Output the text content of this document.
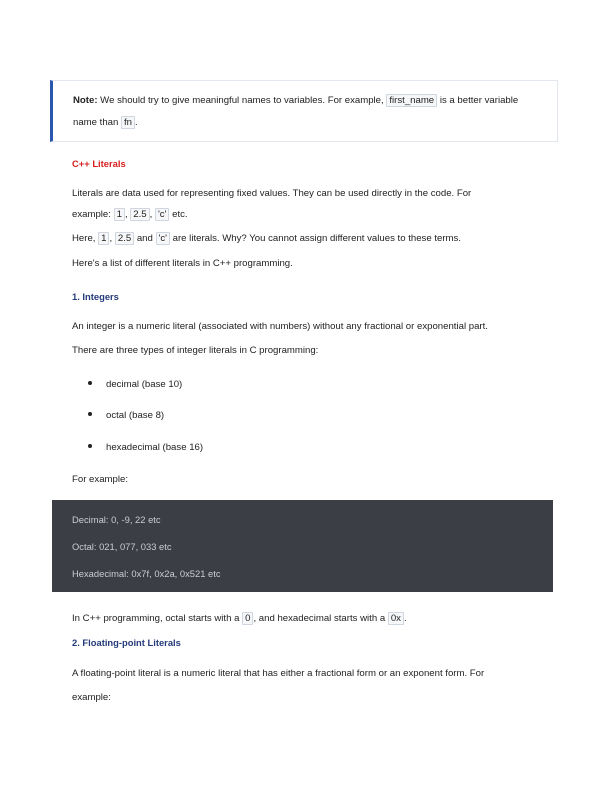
Note: We should try to give meaningful names to variables. For example, first_name is a better variable
name than fn .
C++ Literals
Literals are data used for representing fixed values. They can be used directly in the code. For
example: 1 , 2.5 , 'c' etc.
Here, 1 , 2.5 and 'c' are literals. Why? You cannot assign different values to these terms.
Here's a list of different literals in C++ programming.
1. Integers
An integer is a numeric literal (associated with numbers) without any fractional or exponential part.
There are three types of integer literals in C programming:
decimal (base 10)
octal (base 8)
hexadecimal (base 16)
For example:
Decimal: 0, -9, 22 etc
Octal: 021, 077, 033 etc
Hexadecimal: 0x7f, 0x2a, 0x521 etc
In C++ programming, octal starts with a 0 , and hexadecimal starts with a 0x .
2. Floating-point Literals
A floating-point literal is a numeric literal that has either a fractional form or an exponent form. For
example:
